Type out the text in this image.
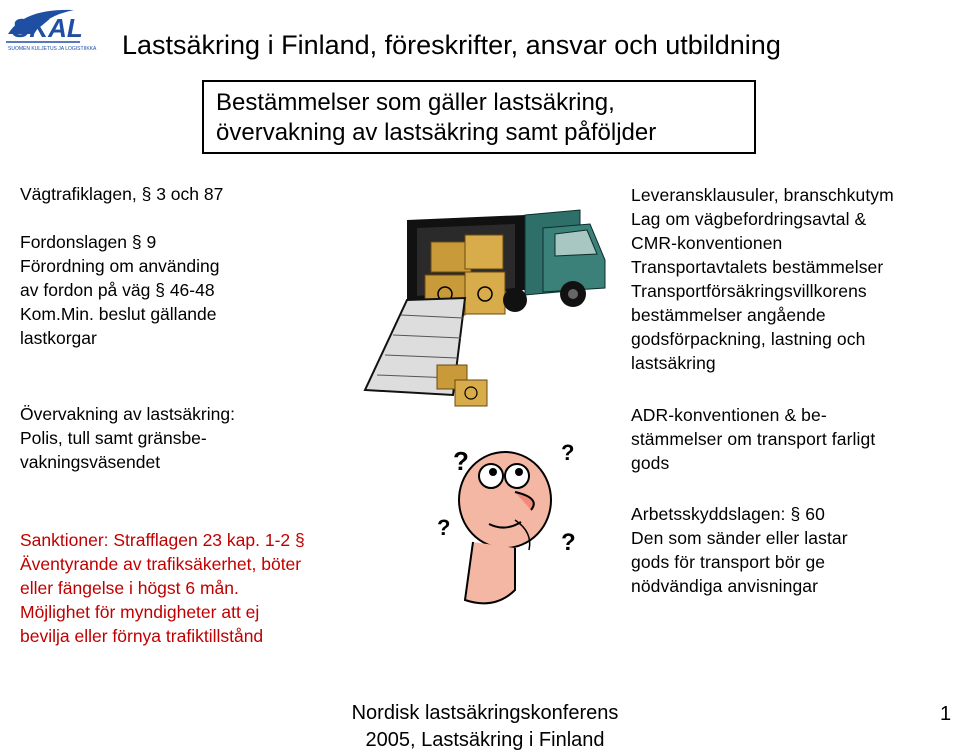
SKAL
SUOMEN KULJETUS JA LOGISTIIKKA Lastsäkring i Finland, föreskrifter, ansvar och utbildning
Bestämmelser som gäller lastsäkring,
övervakning av lastsäkring samt påföljder
Vägtrafiklagen, § 3 och 87
Fordonslagen § 9
Förordning om använding
av fordon på väg § 46-48
Kom.Min. beslut gällande
lastkorgar
Övervakning av lastsäkring:
Polis, tull samt gränsbe-
vakningsväsendet
Sanktioner: Strafflagen 23 kap. 1-2 §
Äventyrande av trafiksäkerhet, böter
eller fängelse i högst 6 mån.
Möjlighet för myndigheter att ej
bevilja eller förnya trafiktillstånd
?	?
?
?
Leveransklausuler, branschkutym
Lag om vägbefordringsavtal &
CMR-konventionen
Transportavtalets bestämmelser
Transportförsäkringsvillkorens
bestämmelser angående
godsförpackning, lastning och
lastsäkring
ADR-konventionen & be-
stämmelser om transport farligt
gods
Arbetsskyddslagen: § 60
Den som sänder eller lastar
gods för transport bör ge
nödvändiga anvisningar
Nordisk lastsäkringskonferens
2005, Lastsäkring i Finland
1
